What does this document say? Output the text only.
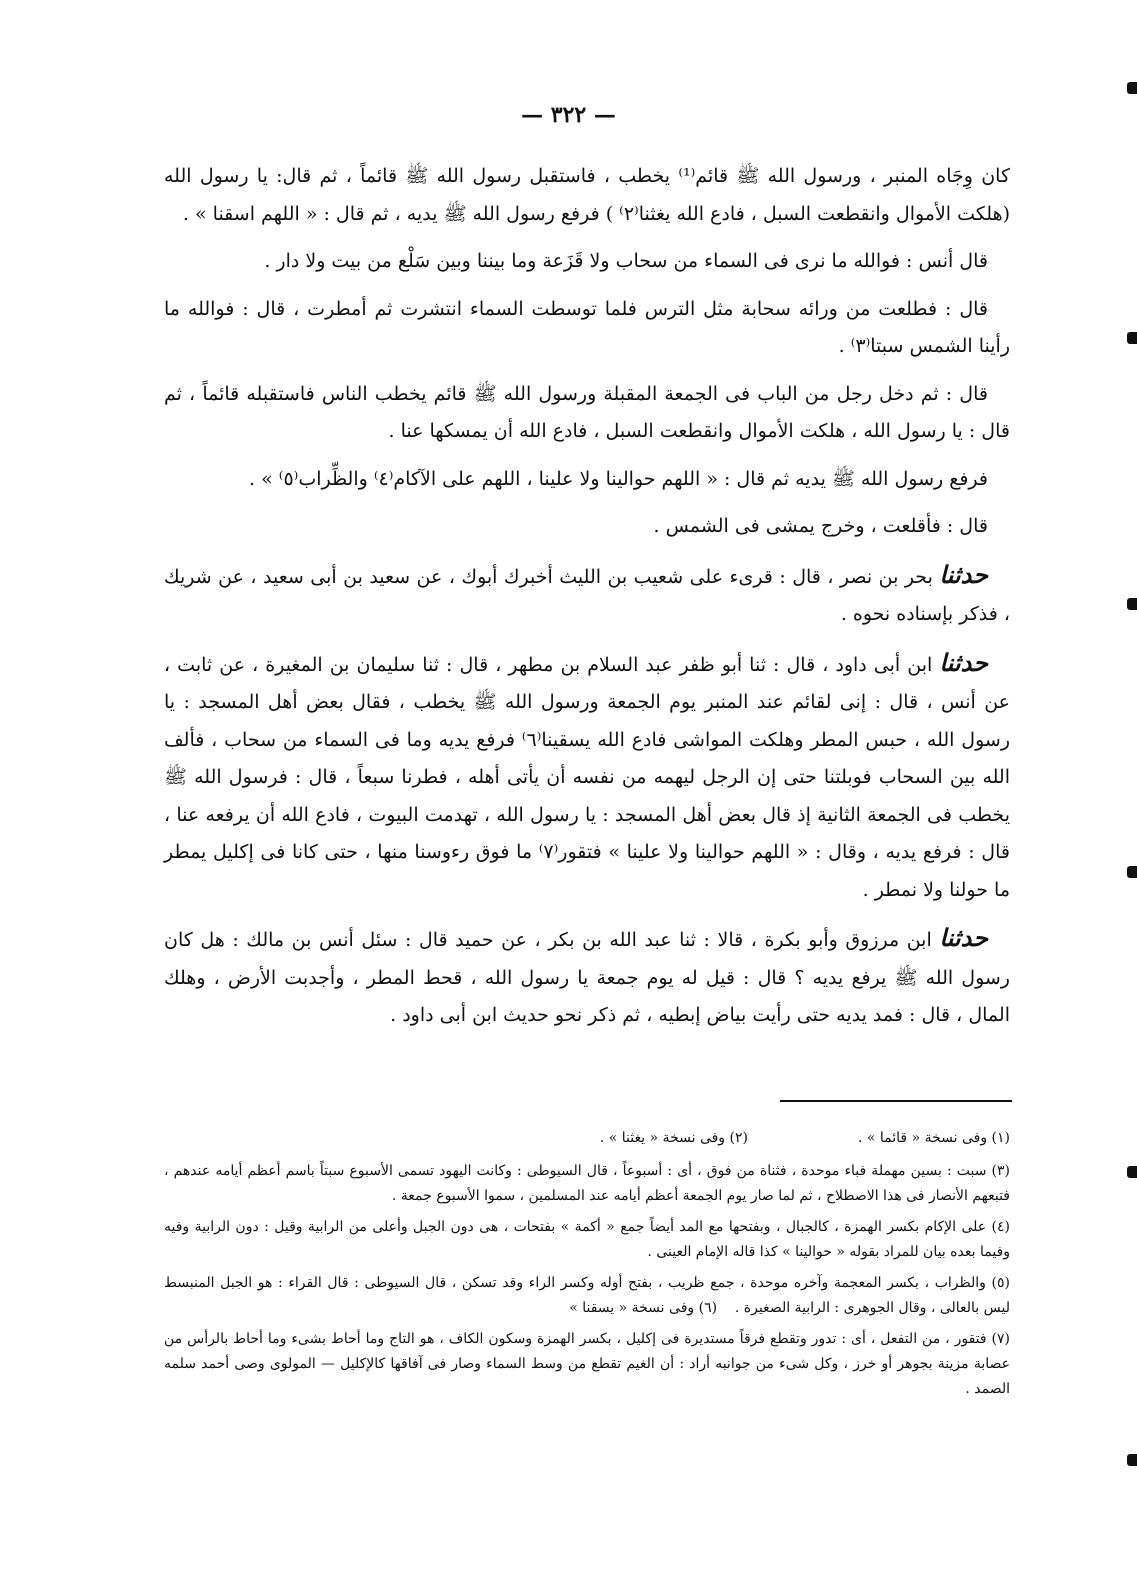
— ٣٢٢ —

كان وِجَاه المنبر ، ورسول الله ﷺ قائم⁽¹⁾ يخطب ، فاستقبل رسول الله ﷺ قائماً ، ثم قال: يا رسول الله (هلكت الأموال وانقطعت السبل ، فادع الله يغثنا⁽٢⁾ ) فرفع رسول الله ﷺ يديه ، ثم قال : « اللهم اسقنا » .

قال أنس : فوالله ما نرى فى السماء من سحاب ولا قَزَعة وما بيننا وبين سَلْع من بيت ولا دار .

قال : فطلعت من ورائه سحابة مثل الترس فلما توسطت السماء انتشرت ثم أمطرت ، قال : فوالله ما رأينا الشمس سبتا⁽٣⁾ .

قال : ثم دخل رجل من الباب فى الجمعة المقبلة ورسول الله ﷺ قائم يخطب الناس فاستقبله قائماً ، ثم قال : يا رسول الله ، هلكت الأموال وانقطعت السبل ، فادع الله أن يمسكها عنا .

فرفع رسول الله ﷺ يديه ثم قال : « اللهم حوالينا ولا علينا ، اللهم على الآكام⁽٤⁾ والظِّراب⁽٥⁾ » .

قال : فأقلعت ، وخرج يمشى فى الشمس .

حدثنا بحر بن نصر ، قال : قرىء على شعيب بن الليث أخبرك أبوك ، عن سعيد بن أبى سعيد ، عن شريك ، فذكر بإسناده نحوه .

حدثنا ابن أبى داود ، قال : ثنا أبو ظفر عبد السلام بن مطهر ، قال : ثنا سليمان بن المغيرة ، عن ثابت ، عن أنس ، قال : إنى لقائم عند المنبر يوم الجمعة ورسول الله ﷺ يخطب ، فقال بعض أهل المسجد : يا رسول الله ، حبس المطر وهلكت المواشى فادع الله يسقينا⁽٦⁾ فرفع يديه وما فى السماء من سحاب ، فألف الله بين السحاب فوبلتنا حتى إن الرجل ليهمه من نفسه أن يأتى أهله ، فطرنا سبعاً ، قال : فرسول الله ﷺ يخطب فى الجمعة الثانية إذ قال بعض أهل المسجد : يا رسول الله ، تهدمت البيوت ، فادع الله أن يرفعه عنا ، قال : فرفع يديه ، وقال : « اللهم حوالينا ولا علينا » فتقور⁽٧⁾ ما فوق رءوسنا منها ، حتى كانا فى إكليل يمطر ما حولنا ولا نمطر .

حدثنا ابن مرزوق وأبو بكرة ، قالا : ثنا عبد الله بن بكر ، عن حميد قال : سئل أنس بن مالك : هل كان رسول الله ﷺ يرفع يديه ؟ قال : قيل له يوم جمعة يا رسول الله ، قحط المطر ، وأجدبت الأرض ، وهلك المال ، قال : فمد يديه حتى رأيت بياض إبطيه ، ثم ذكر نحو حديث ابن أبى داود .

(١) وفى نسخة « قائما » .
(٢) وفى نسخة « يغثنا » .

(٣) سبت : بسين مهملة فباء موحدة ، فثناة من فوق ، أى : أسبوعاً ، قال السيوطى : وكانت اليهود تسمى الأسبوع سبتاً باسم أعظم أيامه عندهم ، فتبعهم الأنصار فى هذا الاصطلاح ، ثم لما صار يوم الجمعة أعظم أيامه عند المسلمين ، سموا الأسبوع جمعة .

(٤) على الإكام بكسر الهمزة ، كالجبال ، وبفتحها مع المد أيضاً جمع « أكمة » بفتحات ، هى دون الجبل وأعلى من الرابية وقيل : دون الرابية وفيه وفيما بعده بيان للمراد بقوله « حوالينا » كذا قاله الإمام العينى .

(٥) والظراب ، بكسر المعجمة وآخره موحدة ، جمع ظريب ، بفتح أوله وكسر الراء وقد تسكن ، قال السيوطى : قال القراء : هو الجبل المنبسط ليس بالعالى ، وقال الجوهرى : الرابية الصغيرة .    (٦) وفى نسخة « يسقنا »

(٧) فتقور ، من التفعل ، أى : تدور وتقطع فرقاً مستديرة فى إكليل ، بكسر الهمزة وسكون الكاف ، هو التاج وما أحاط بشىء وما أحاط بالرأس من عصابة مزينة بجوهر أو خرز ، وكل شىء من جوانبه أراد : أن الغيم تقطع من وسط السماء وصار فى آفاقها كالإكليل — المولوى وصى أحمد سلمه الصمد .
